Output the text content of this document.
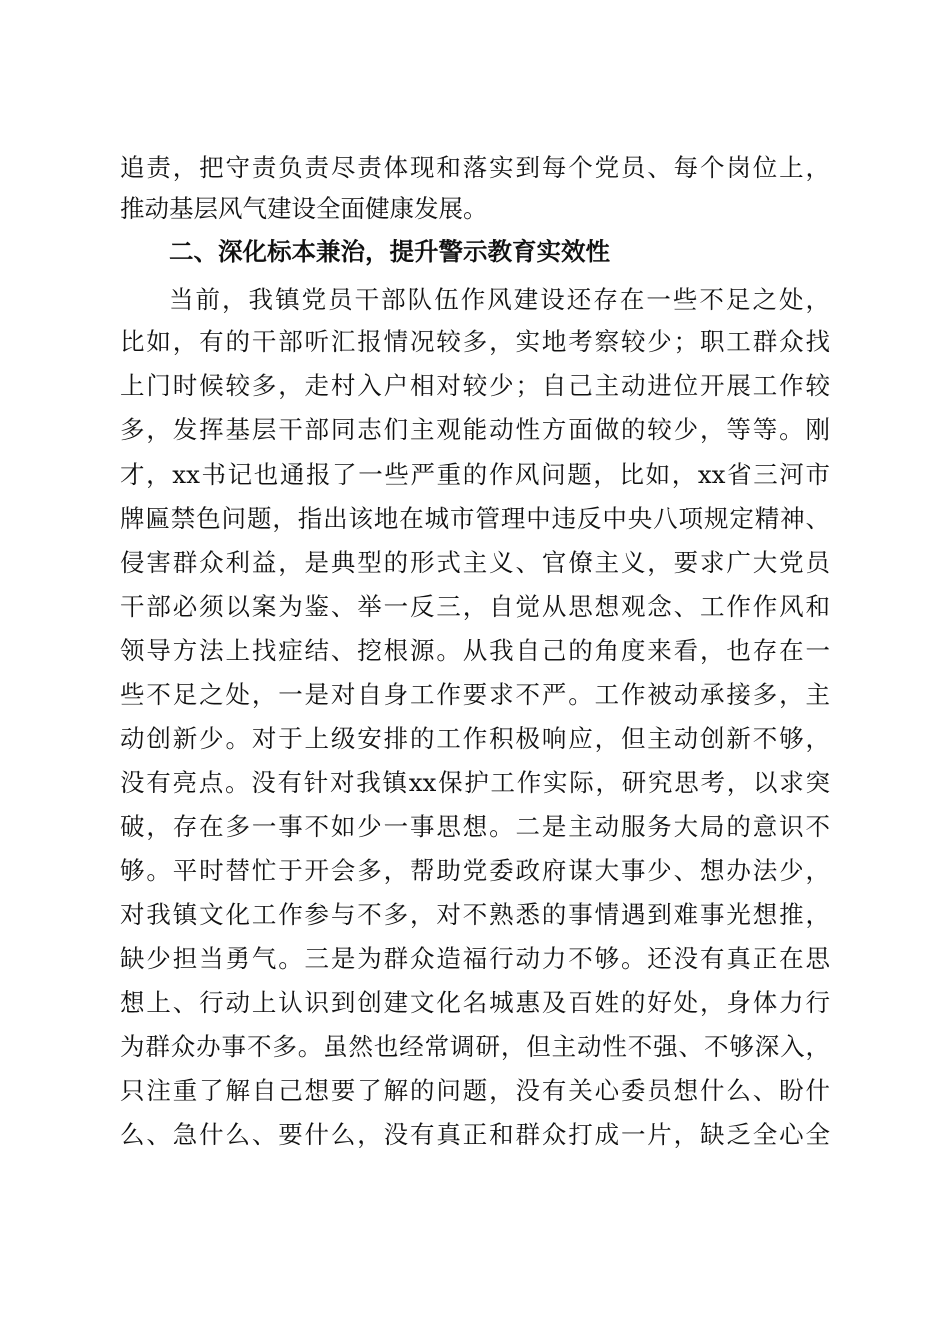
追责，把守责负责尽责体现和落实到每个党员、每个岗位上，
推动基层风气建设全面健康发展。
二、深化标本兼治，提升警示教育实效性
当前，我镇党员干部队伍作风建设还存在一些不足之处，
比如，有的干部听汇报情况较多，实地考察较少；职工群众找
上门时候较多，走村入户相对较少；自己主动进位开展工作较
多，发挥基层干部同志们主观能动性方面做的较少，等等。刚
才，xx书记也通报了一些严重的作风问题，比如，xx省三河市
牌匾禁色问题，指出该地在城市管理中违反中央八项规定精神、
侵害群众利益，是典型的形式主义、官僚主义，要求广大党员
干部必须以案为鉴、举一反三，自觉从思想观念、工作作风和
领导方法上找症结、挖根源。从我自己的角度来看，也存在一
些不足之处，一是对自身工作要求不严。工作被动承接多，主
动创新少。对于上级安排的工作积极响应，但主动创新不够，
没有亮点。没有针对我镇xx保护工作实际，研究思考，以求突
破，存在多一事不如少一事思想。二是主动服务大局的意识不
够。平时替忙于开会多，帮助党委政府谋大事少、想办法少，
对我镇文化工作参与不多，对不熟悉的事情遇到难事光想推，
缺少担当勇气。三是为群众造福行动力不够。还没有真正在思
想上、行动上认识到创建文化名城惠及百姓的好处，身体力行
为群众办事不多。虽然也经常调研，但主动性不强、不够深入，
只注重了解自己想要了解的问题，没有关心委员想什么、盼什
么、急什么、要什么，没有真正和群众打成一片，缺乏全心全
